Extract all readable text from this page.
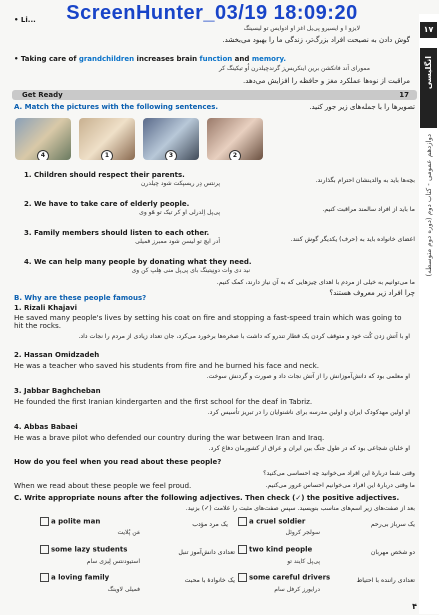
ScreenHunter_03/19 18:09:20
۱۷
انگلیسی
دوازدهم عمومی - کتاب دوم (دوره دوم متوسطه)
• Li...
لایزو ا و ایسیرو پی‌یل اغز او ادوایس تو لیسینگ
گوش دادن به نصیحت افراد بزرگ‌تر، زندگی ما را بهبود می‌بخشد.
• Taking care of grandchildren increases brain function and memory.
ممورای اَند فانکشن برین اینکریس‌ز گرندچیلدرن اُو تیکینگ کر
مراقبت از نوه‌ها عملکرد مغز و حافظه را افزایش می‌دهد.
Get Ready	17
A. Match the pictures with the following sentences.	تصویرها را با جمله‌های زیر جور کنید.
4	1	3	2
1. Children should respect their parents.
پرنتس دِر ریسپکت شود چیلدرن	بچه‌ها باید به والدینشان احترام بگذارند.
2. We have to take care of elderly people.
پی‌پل اِلدرلی او کر تیک تو هَو وی	ما باید از افراد سالمند مراقبت کنیم.
3. Family members should listen to each other.
اَدر ایچ تو لیسن شود ممبرز فمیلی	اعضای خانواده باید به (حرف) یکدیگر گوش کنند.
4. We can help many people by donating what they need.
نید دی وات دونِیتینگ بای پی‌پل منی هِلپ کن وی
ما می‌توانیم به خیلی از مردم با اهدای چیزهایی که به آن نیاز دارند، کمک کنیم.
B. Why are these people famous?
چرا افراد زیر معروف هستند؟
1. Rizali Khajavi
He saved many people's lives by setting his coat on fire and stopping a fast-speed train which was going to hit the rocks.
او با آتش زدن کُت خود و متوقف کردن یک قطار تندرو که داشت با صخره‌ها برخورد می‌کرد، جان تعداد زیادی از مردم را نجات داد.
2. Hassan Omidzadeh
He was a teacher who saved his students from fire and he burned his face and neck.
او معلمی بود که دانش‌آموزانش را از آتش نجات داد و صورت و گردنش سوخت.
3. Jabbar Baghcheban
He founded the first Iranian kindergarten and the first school for the deaf in Tabriz.
او اولین مهدکودک ایران و اولین مدرسه برای ناشنوایان را در تبریز تأسیس کرد.
4. Abbas Babaei
He was a brave pilot who defended our country during the war between Iran and Iraq.
او خلبان شجاعی بود که در طول جنگ بین ایران و عراق از کشورمان دفاع کرد.
How do you feel when you read about these people?
وقتی شما دربارهٔ این افراد می‌خوانید چه احساسی می‌کنید؟
When we read about these people we feel proud.	ما وقتی دربارهٔ این افراد می‌خوانیم احساس غرور می‌کنیم.
C. Write appropriate nouns after the following adjectives. Then check (✓) the positive adjectives.
بعد از صفت‌های زیر اسم‌های مناسب بنویسید. سپس صفت‌های مثبت را علامت (✓) بزنید.
a polite man
مَن پُلایت
یک مرد مؤدب	a cruel soldier
سولجر کروئل
یک سرباز بی‌رحم
some lazy students
استیودنتس لِیزی سام
تعدادی دانش‌آموز تنبل	two kind people
پی‌پل کایند تو
دو شخص مهربان
a loving family
فمیلی لاوینگ
یک خانوادهٔ با محبت	some careful drivers
درایورز کرفل سام
تعدادی راننده با احتیاط
۴
